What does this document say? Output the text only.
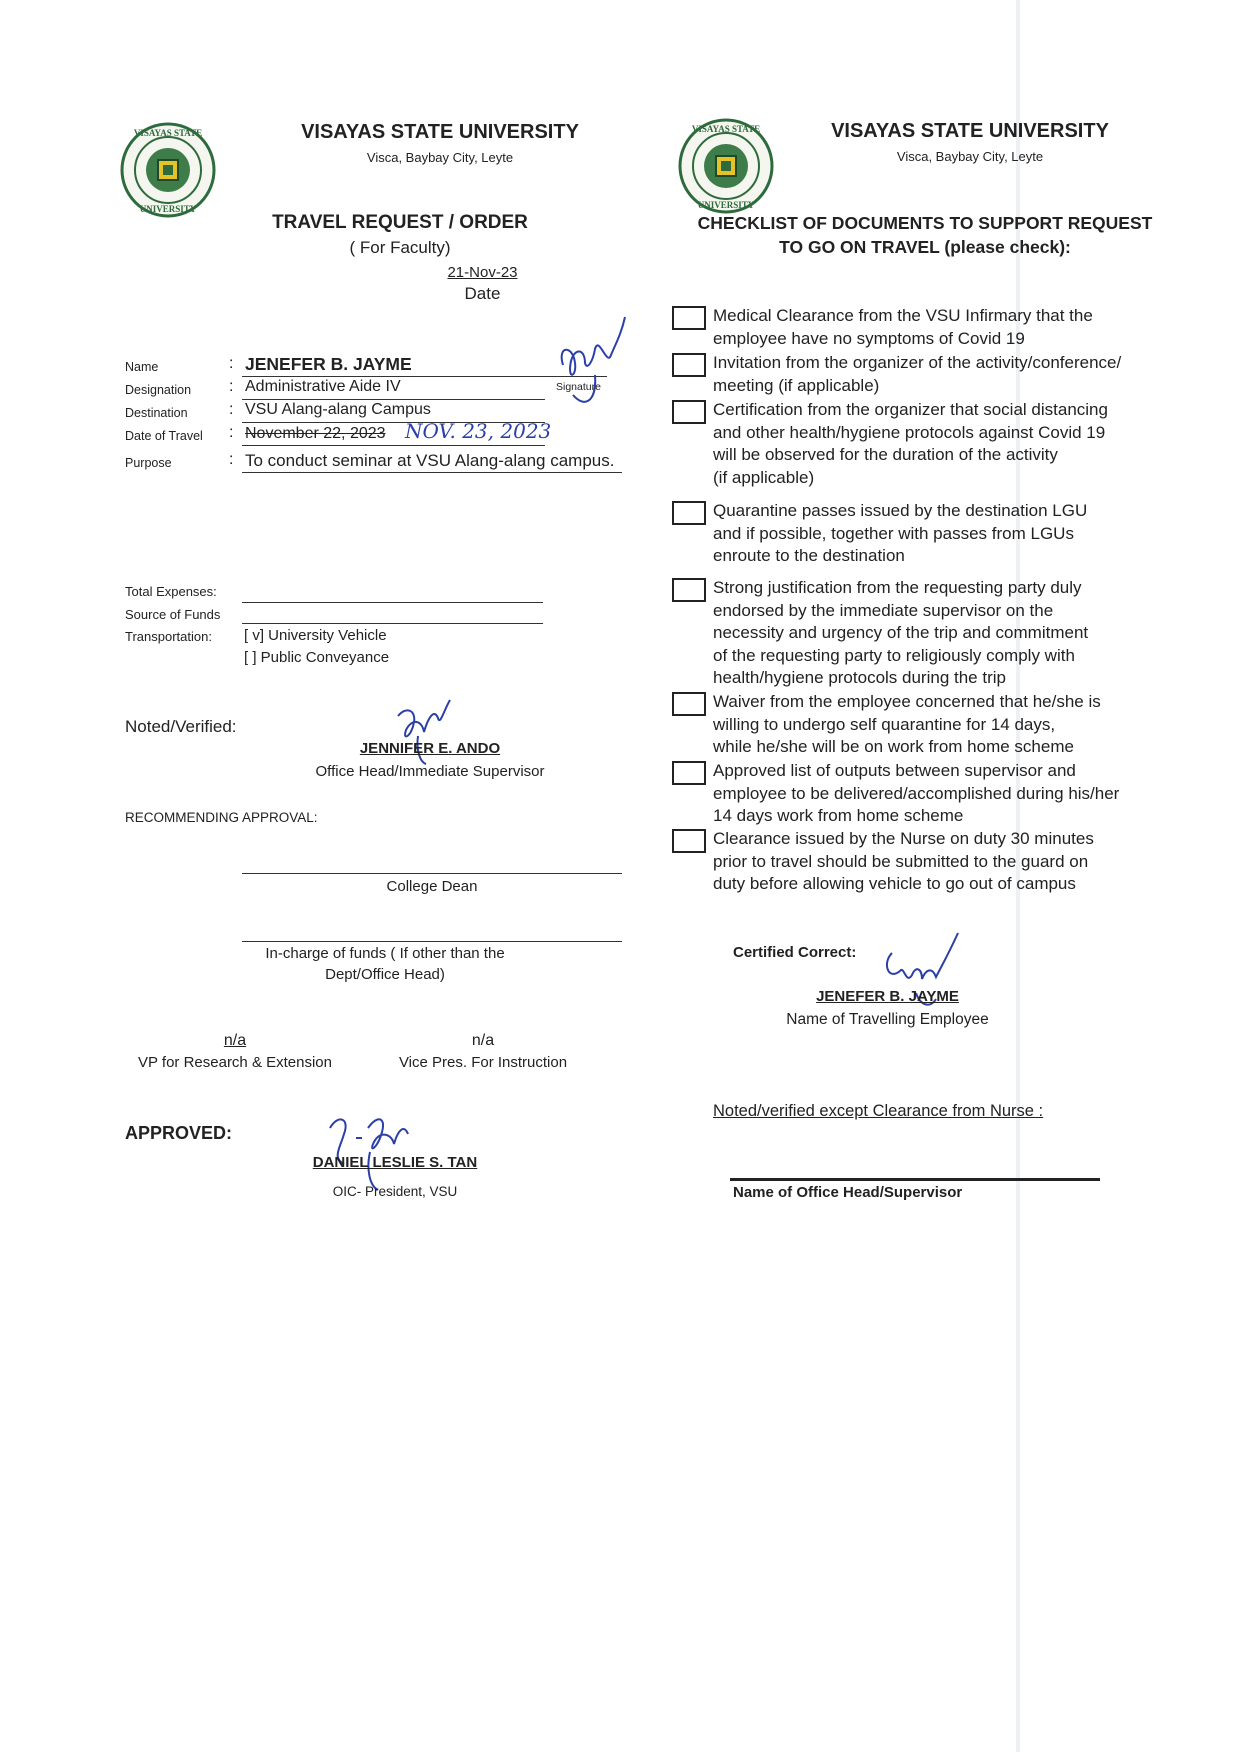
VISAYAS STATE
UNIVERSITY
VISAYAS STATE UNIVERSITY
Visca, Baybay City, Leyte
TRAVEL REQUEST / ORDER
( For Faculty)
21-Nov-23
Date
Name	: JENEFER B. JAYME
Signature
Designation : Administrative Aide IV
Destination	: VSU Alang-alang Campus
Date of Travel : November 22, 2023 NOV. 23, 2023
Purpose	: To conduct seminar at VSU Alang-alang campus.
Total Expenses:
Source of Funds
Transportation: [ v] University Vehicle
[ ] Public Conveyance
Noted/Verified:
JENNIFER E. ANDO
Office Head/Immediate Supervisor
RECOMMENDING APPROVAL:
College Dean
In-charge of funds ( If other than the
Dept/Office Head)
n/a
VP for Research & Extension
n/a
Vice Pres. For Instruction
APPROVED:
DANIEL LESLIE S. TAN
OIC- President, VSU
VISAYAS STATE
UNIVERSITY
VISAYAS STATE UNIVERSITY
Visca, Baybay City, Leyte
CHECKLIST OF DOCUMENTS TO SUPPORT REQUEST
TO GO ON TRAVEL (please check):
Medical Clearance from the VSU Infirmary that the
employee have no symptoms of Covid 19
Invitation from the organizer of the activity/conference/
meeting (if applicable)
Certification from the organizer that social distancing
and other health/hygiene protocols against Covid 19
will be observed for the duration of the activity
(if applicable)
Quarantine passes issued by the destination LGU
and if possible, together with passes from LGUs
enroute to the destination
Strong justification from the requesting party duly
endorsed by the immediate supervisor on the
necessity and urgency of the trip and commitment
of the requesting party to religiously comply with
health/hygiene protocols during the trip
Waiver from the employee concerned that he/she is
willing to undergo self quarantine for 14 days,
while he/she will be on work from home scheme
Approved list of outputs between supervisor and
employee to be delivered/accomplished during his/her
14 days work from home scheme
Clearance issued by the Nurse on duty 30 minutes
prior to travel should be submitted to the guard on
duty before allowing vehicle to go out of campus
Certified Correct:
JENEFER B. JAYME
Name of Travelling Employee
Noted/verified except Clearance from Nurse :
Name of Office Head/Supervisor
